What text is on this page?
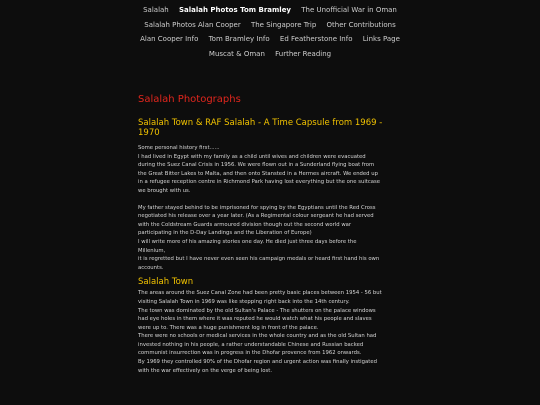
Salalah Salalah Photos Tom Bramley The Unofficial War in Oman
Salalah Photos Alan Cooper The Singapore Trip Other Contributions
Alan Cooper Info Tom Bramley Info Ed Featherstone Info Links Page
Muscat & Oman Further Reading
Salalah Photographs
Salalah Town & RAF Salalah - A Time Capsule from 1969 - 1970
Some personal history first......
I had lived in Egypt with my family as a child until wives and children were evacuated
during the Suez Canal Crisis in 1956. We were flown out in a Sunderland flying boat from
the Great Bitter Lakes to Malta, and then onto Stansted in a Hermes aircraft. We ended up
in a refugee reception centre in Richmond Park having lost everything but the one suitcase
we brought with us.
My father stayed behind to be imprisoned for spying by the Egyptians until the Red Cross
negotiated his release over a year later. (As a Regimental colour sergeant he had served
with the Coldstream Guards armoured division though out the second world war
participating in the D-Day Landings and the Liberation of Europe)
I will write more of his amazing stories one day. He died just three days before the
Millenium,
it is regretted but I have never even seen his campaign medals or heard first hand his own
accounts.
Salalah Town
The areas around the Suez Canal Zone had been pretty basic places between 1954 - 56 but
visiting Salalah Town in 1969 was like stepping right back into the 14th century.
The town was dominated by the old Sultan's Palace - The shutters on the palace windows
had eye holes in them where it was reputed he would watch what his people and slaves
were up to. There was a huge punishment log in front of the palace.
There were no schools or medical services in the whole country and as the old Sultan had
invested nothing in his people, a rather understandable Chinese and Russian backed
communist insurrection was in progress in the Dhofar provence from 1962 onwards.
By 1969 they controlled 90% of the Dhofar region and urgent action was finally instigated
with the war effectively on the verge of being lost.
